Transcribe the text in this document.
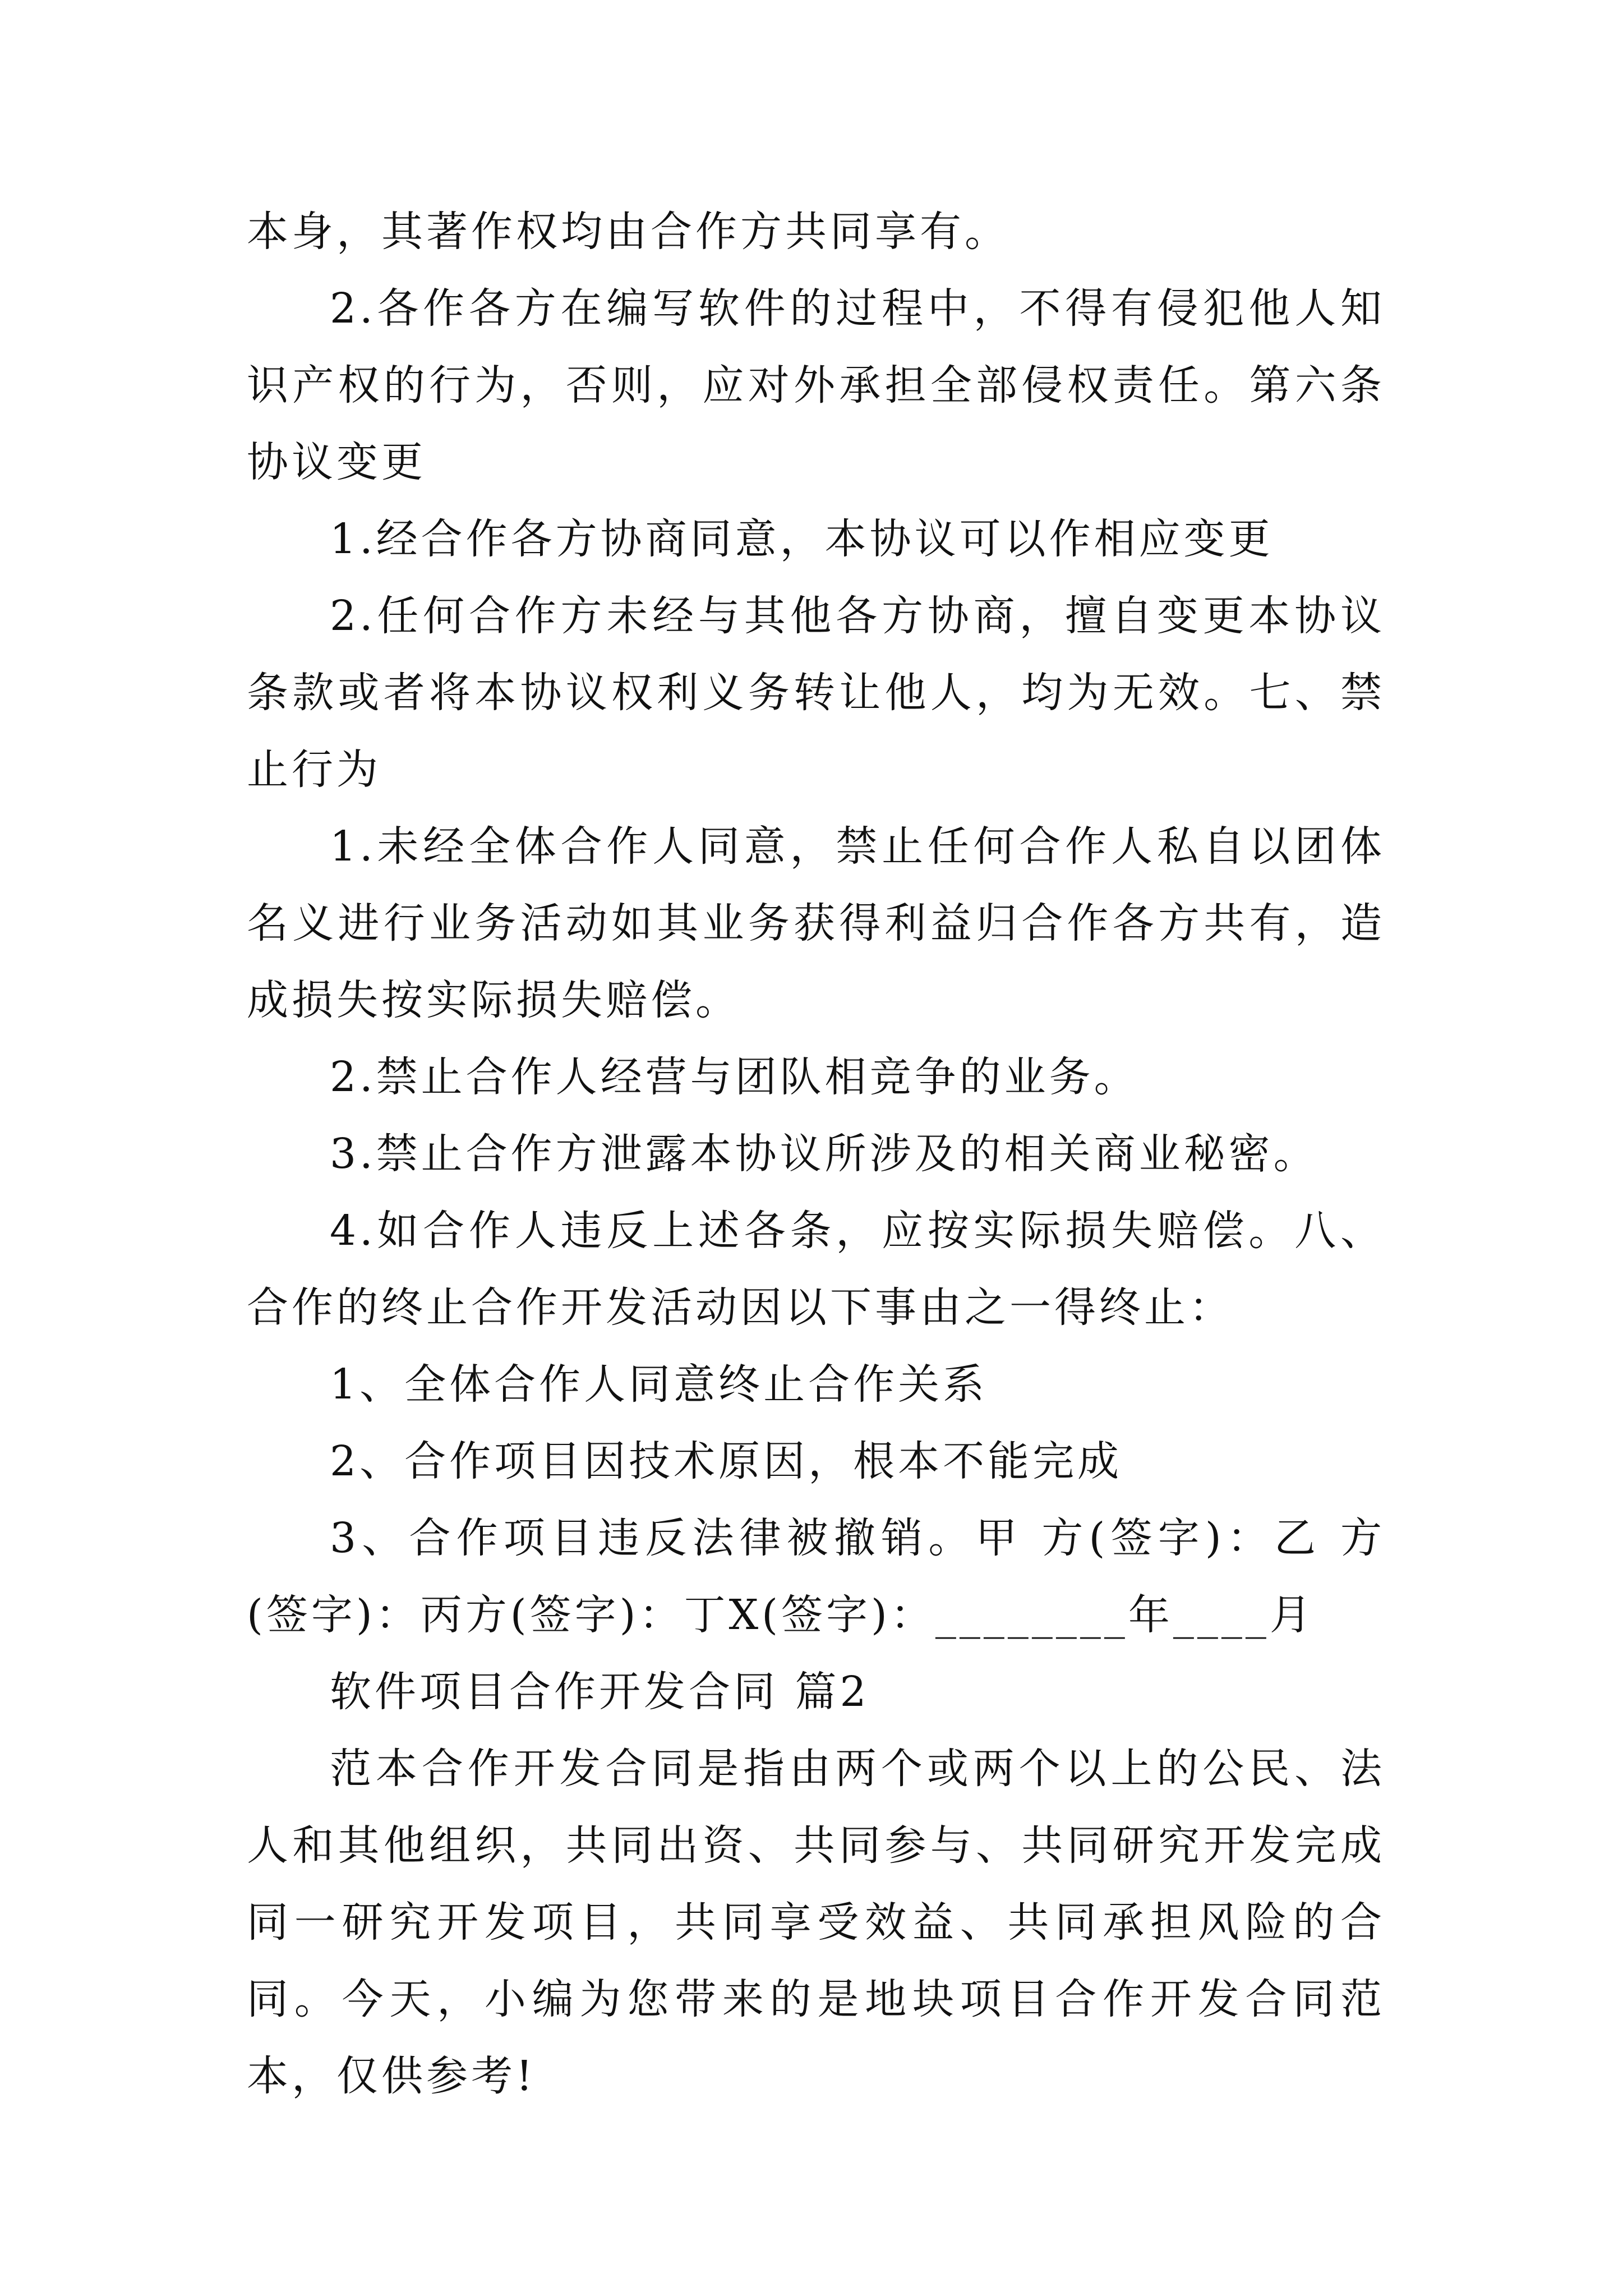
本身，其著作权均由合作方共同享有。

2.各作各方在编写软件的过程中，不得有侵犯他人知识产权的行为，否则，应对外承担全部侵权责任。第六条协议变更

1.经合作各方协商同意，本协议可以作相应变更

2.任何合作方未经与其他各方协商，擅自变更本协议条款或者将本协议权利义务转让他人，均为无效。七、禁止行为

1.未经全体合作人同意，禁止任何合作人私自以团体名义进行业务活动如其业务获得利益归合作各方共有，造成损失按实际损失赔偿。

2.禁止合作人经营与团队相竞争的业务。

3.禁止合作方泄露本协议所涉及的相关商业秘密。

4.如合作人违反上述各条，应按实际损失赔偿。八、合作的终止合作开发活动因以下事由之一得终止：

1、全体合作人同意终止合作关系

2、合作项目因技术原因，根本不能完成

3、合作项目违反法律被撤销。甲 方(签字)：乙 方(签字)：丙方(签字)：丁X(签字)：________年____月

软件项目合作开发合同 篇2

范本合作开发合同是指由两个或两个以上的公民、法人和其他组织，共同出资、共同参与、共同研究开发完成同一研究开发项目，共同享受效益、共同承担风险的合同。今天，小编为您带来的是地块项目合作开发合同范本，仅供参考!
